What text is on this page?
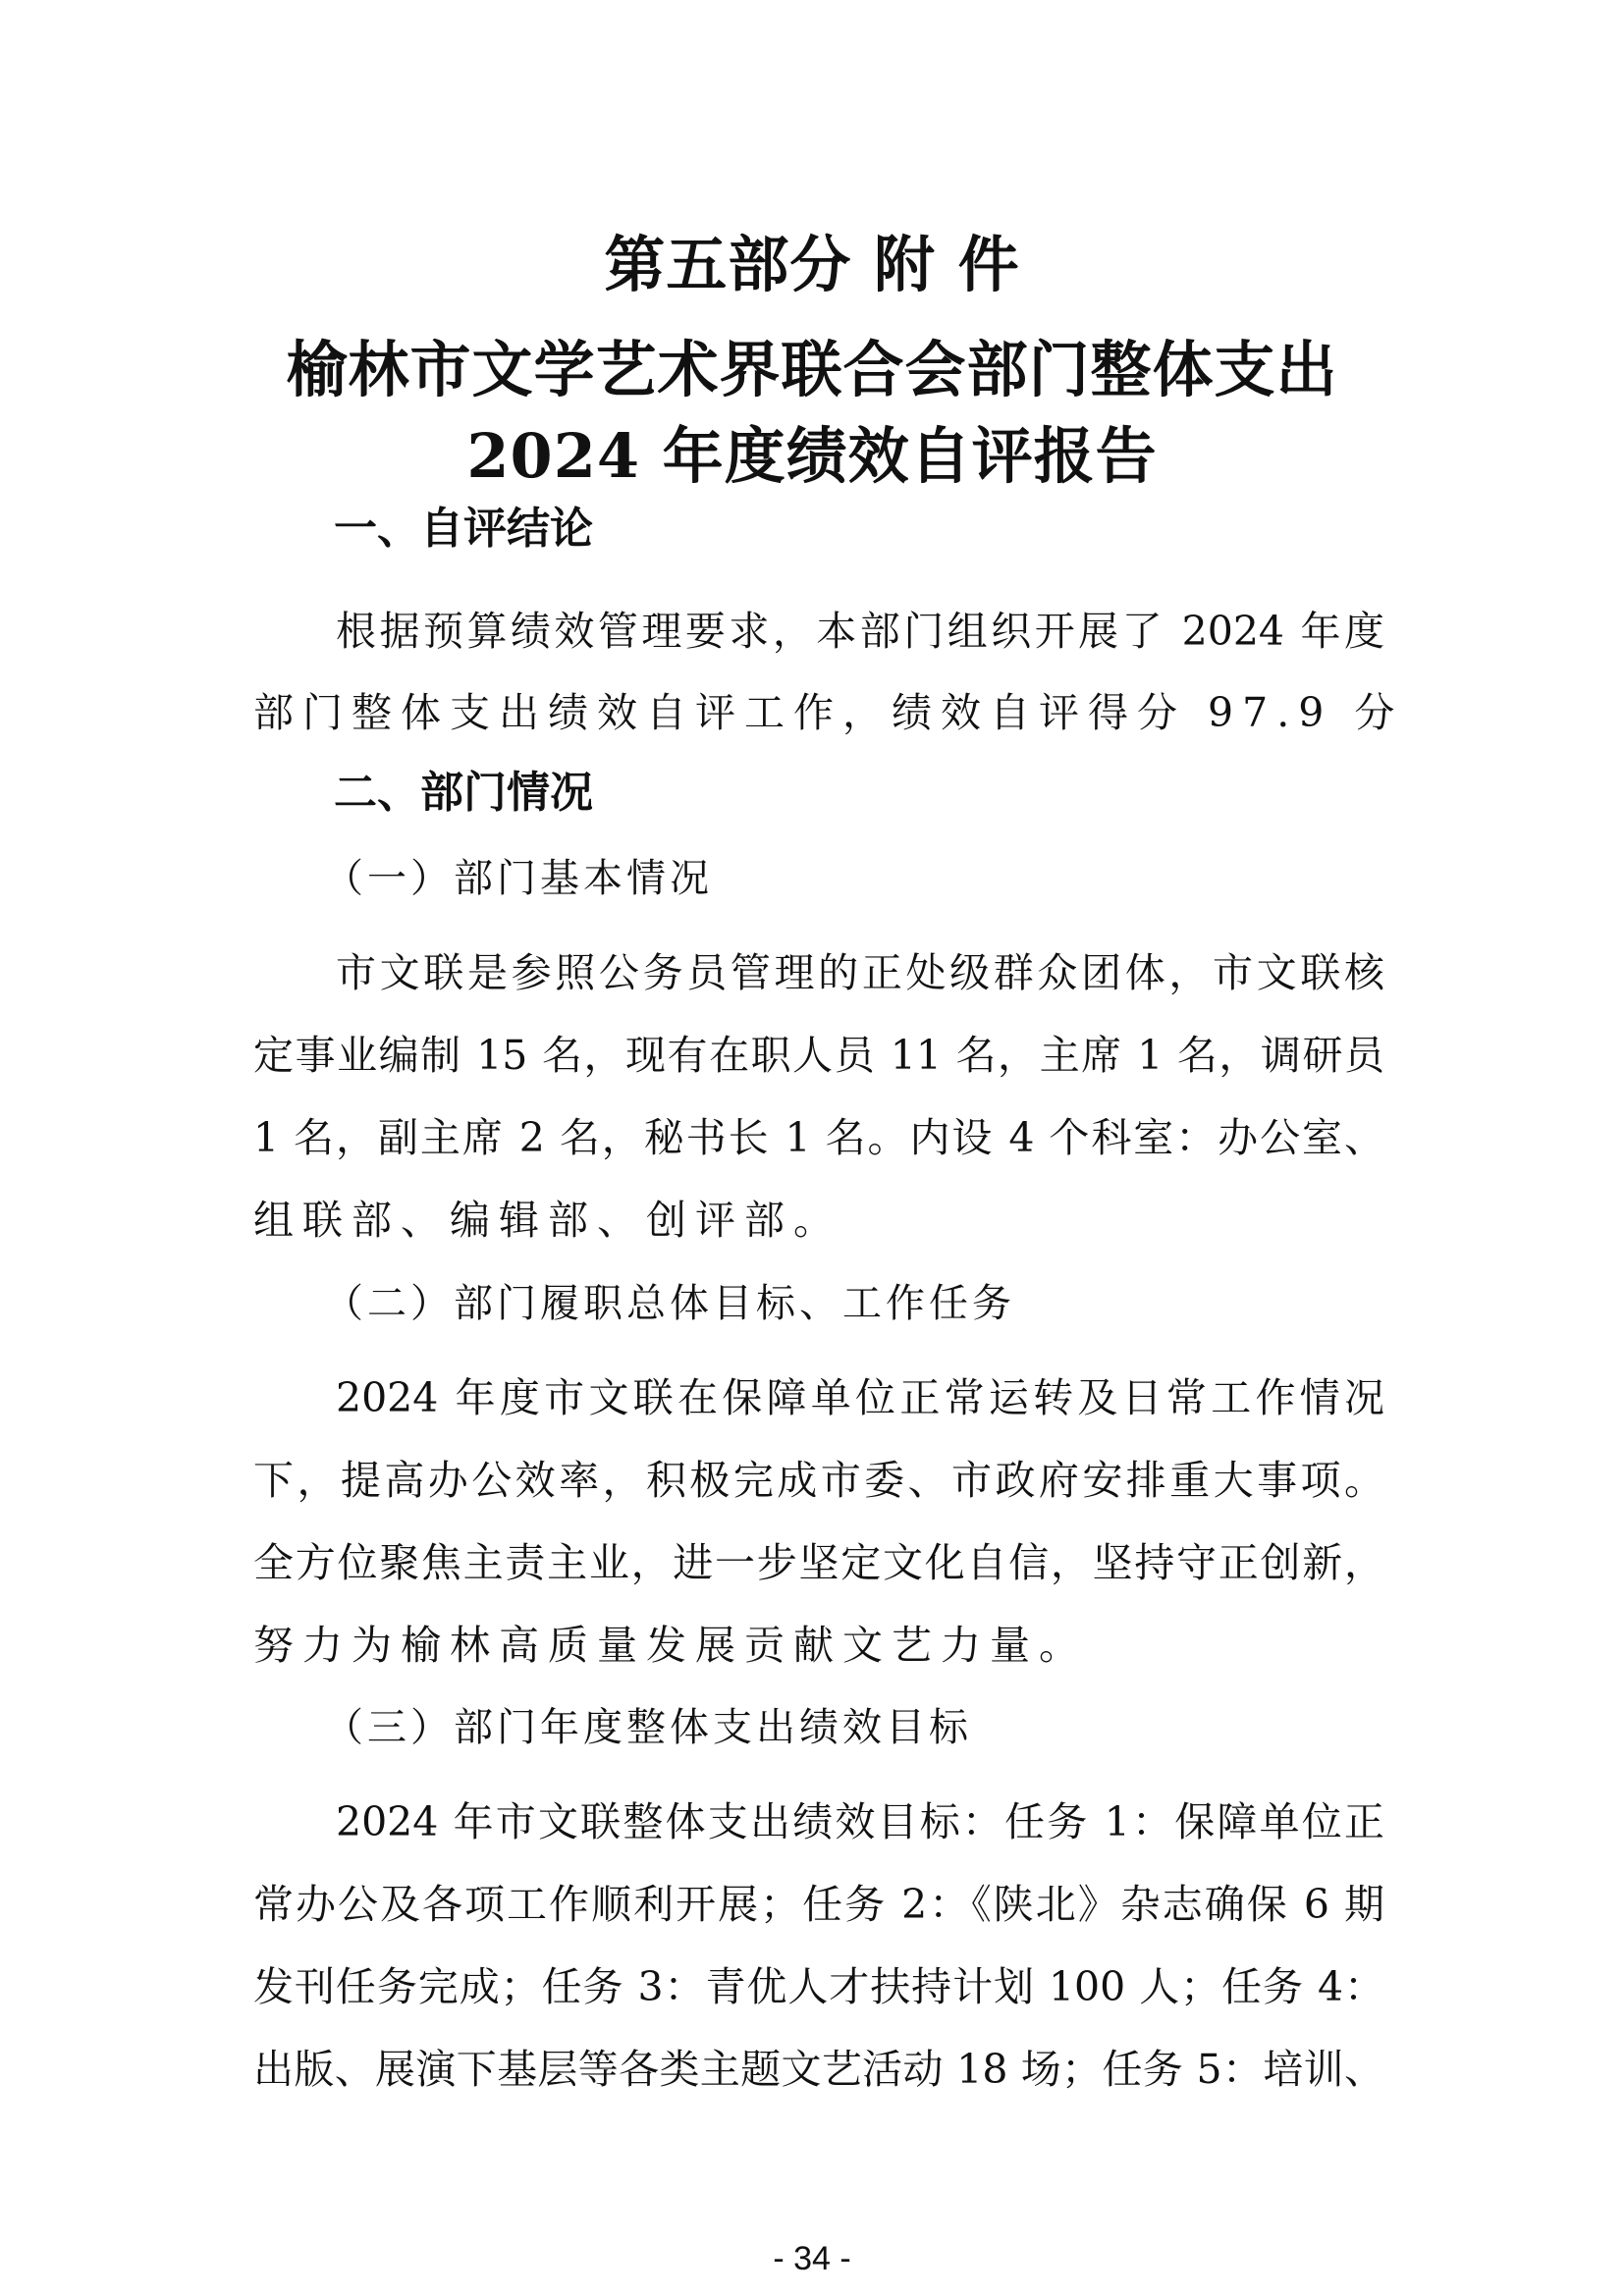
第五部分 附 件
榆林市文学艺术界联合会部门整体支出
2024 年度绩效自评报告
一、自评结论
根据预算绩效管理要求，本部门组织开展了 2024 年度
部门整体支出绩效自评工作，绩效自评得分 97.9 分
二、部门情况
（一）部门基本情况
市文联是参照公务员管理的正处级群众团体，市文联核
定事业编制 15 名，现有在职人员 11 名，主席 1 名，调研员
1 名，副主席 2 名，秘书长 1 名。内设 4 个科室：办公室、
组联部、编辑部、创评部。
（二）部门履职总体目标、工作任务
2024 年度市文联在保障单位正常运转及日常工作情况
下，提高办公效率，积极完成市委、市政府安排重大事项。
全方位聚焦主责主业，进一步坚定文化自信，坚持守正创新，
努力为榆林高质量发展贡献文艺力量。
（三）部门年度整体支出绩效目标
2024 年市文联整体支出绩效目标：任务 1：保障单位正
常办公及各项工作顺利开展；任务 2：《陕北》杂志确保 6 期
发刊任务完成；任务 3：青优人才扶持计划 100 人；任务 4：
出版、展演下基层等各类主题文艺活动 18 场；任务 5：培训、
- 34 -
